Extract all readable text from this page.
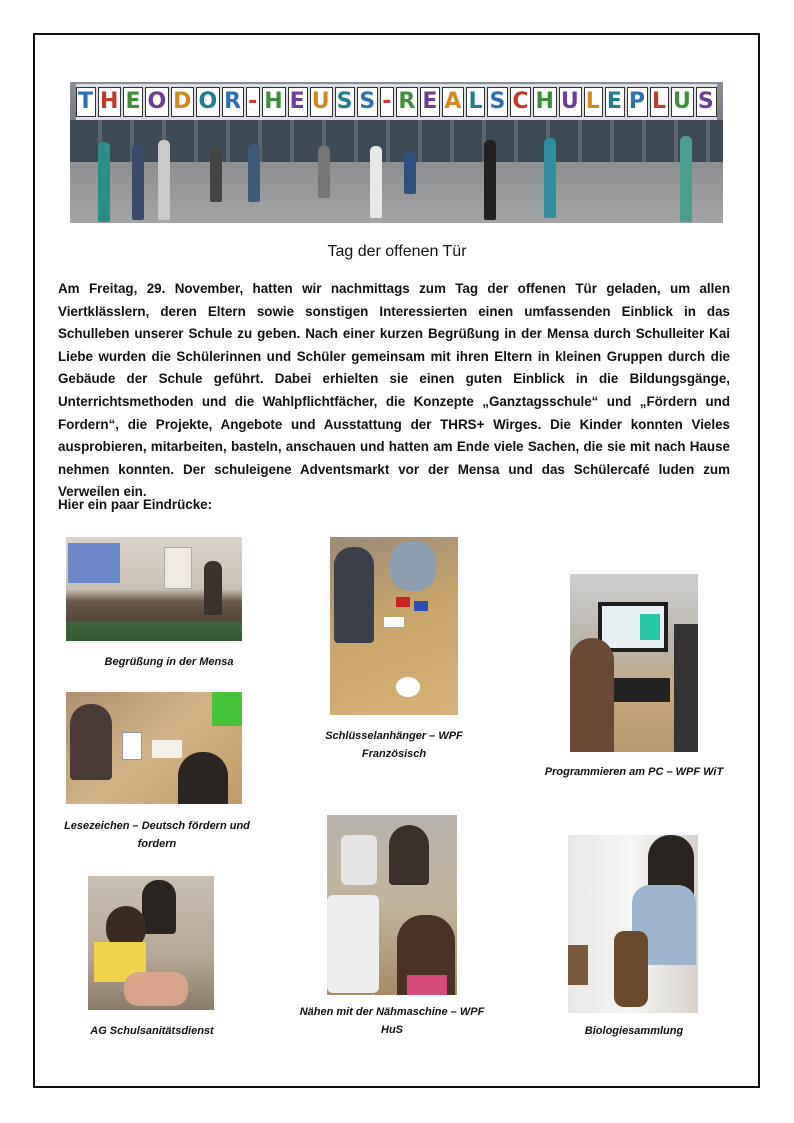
T H E O D O R - H E U S S - R E A L S C H U L E P L U S
Tag der offenen Tür
Am Freitag, 29. November, hatten wir nachmittags zum Tag der offenen Tür geladen, um allen Viertklässlern, deren Eltern sowie sonstigen Interessierten einen umfassenden Einblick in das Schulleben unserer Schule zu geben. Nach einer kurzen Begrüßung in der Mensa durch Schulleiter Kai Liebe wurden die Schülerinnen und Schüler gemeinsam mit ihren Eltern in kleinen Gruppen durch die Gebäude der Schule geführt. Dabei erhielten sie einen guten Einblick in die Bildungsgänge, Unterrichtsmethoden und die Wahlpflichtfächer, die Konzepte „Ganztagsschule“ und „Fördern und Fordern“, die Projekte, Angebote und Ausstattung der THRS+ Wirges. Die Kinder konnten Vieles ausprobieren, mitarbeiten, basteln, anschauen und hatten am Ende viele Sachen, die sie mit nach Hause nehmen konnten. Der schuleigene Adventsmarkt vor der Mensa und das Schülercafé luden zum Verweilen ein.
Hier ein paar Eindrücke:
Begrüßung in der Mensa
Schlüsselanhänger – WPF
Französisch
Programmieren am PC – WPF WiT
Lesezeichen – Deutsch fördern und
fordern
Nähen mit der Nähmaschine – WPF
HuS
AG Schulsanitätsdienst	Biologiesammlung
